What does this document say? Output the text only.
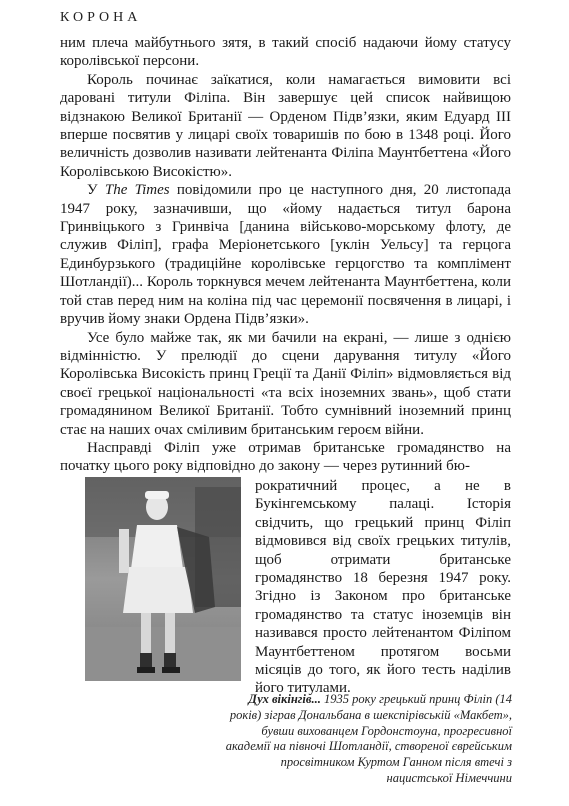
КОРОНА

ним плеча майбутнього зятя, в такий спосіб надаючи йому статусу королівської персони.

Король починає заїкатися, коли намагається вимовити всі даровані титули Філіпа. Він завершує цей список найвищою відзнакою Великої Британії — Орденом Підв’язки, яким Едуард III вперше посвятив у лицарі своїх товаришів по бою в 1348 році. Його величність дозволив називати лейтенанта Філіпа Маунтбеттена «Його Королівською Високістю».

У The Times повідомили про це наступного дня, 20 листопада 1947 року, зазначивши, що «йому надається титул барона Гринвіцького з Гринвіча [данина військово-морському флоту, де служив Філіп], графа Меріонетського [уклін Уельсу] та герцога Единбурзького (традиційне королівське герцогство та комплімент Шотландії)... Король торкнувся мечем лейтенанта Маунтбеттена, коли той став перед ним на коліна під час церемонії посвячення в лицарі, і вручив йому знаки Ордена Підв’язки».

Усе було майже так, як ми бачили на екрані, — лише з однією відмінністю. У прелюдії до сцени дарування титулу «Його Королівська Високість принц Греції та Данії Філіп» відмовляється від своєї грецької національності «та всіх іноземних звань», щоб стати громадянином Великої Британії. Тобто сумнівний іноземний принц стає на наших очах сміливим британським героєм війни.

Насправді Філіп уже отримав британське громадянство на початку цього року відповідно до закону — через рутинний бю-

рократичний процес, а не в Букінгемському палаці. Історія свідчить, що грецький принц Філіп відмовився від своїх грецьких титулів, щоб отримати британське громадянство 18 березня 1947 року. Згідно із Законом про британське громадянство та статус іноземців він називався просто лейтенантом Філіпом Маунтбеттеном протягом восьми місяців до того, як його тесть наділив його титулами.

Дух вікінгів... 1935 року грецький принц Філіп (14 років) зіграв Дональбана в шекспірівській «Макбет», бувши вихованцем Гордонстоуна, прогресивної академії на півночі Шотландії, створеної єврейським просвітником Куртом Ганном після втечі з нацистської Німеччини
